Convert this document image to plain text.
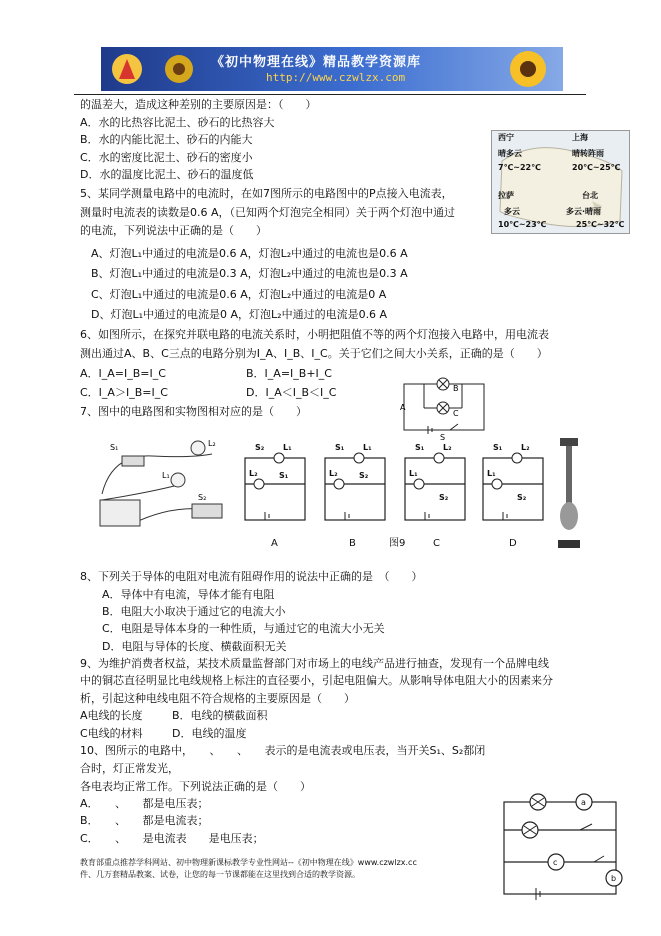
《初中物理在线》精品教学资源库
http://www.czwlzx.com
的温差大，造成这种差别的主要原因是：（　　）
A．水的比热容比泥土、砂石的比热容大
B．水的内能比泥土、砂石的内能大
C．水的密度比泥土、砂石的密度小
D．水的温度比泥土、砂石的温度低
西宁
晴多云
7℃~22℃
上海
晴转阵雨
20℃~25℃
拉萨
多云
10℃~23℃
台北
多云·晴雨
25℃~32℃
5、某同学测量电路中的电流时，在如7图所示的电路图中的P点接入电流表，
测量时电流表的读数是0.6 A，（已知两个灯泡完全相同）关于两个灯泡中通过
的电流，下列说法中正确的是（　　）
A、灯泡L₁中通过的电流是0.6 A，灯泡L₂中通过的电流也是0.6 A
B、灯泡L₁中通过的电流是0.3 A，灯泡L₂中通过的电流也是0.3 A
C、灯泡L₁中通过的电流是0.6 A，灯泡L₂中通过的电流是0 A
D、灯泡L₁中通过的电流是0 A，灯泡L₂中通过的电流是0.6 A
6、如图所示，在探究并联电路的电流关系时，小明把阻值不等的两个灯泡接入电路中，用电流表
测出通过A、B、C三点的电路分别为I_A、I_B、I_C。关于它们之间大小关系，正确的是（　　）
A．I_A=I_B=I_C	B．I_A=I_B+I_C
C．I_A＞I_B=I_C	D．I_A＜I_B＜I_C
A
B
C
S
7、图中的电路图和实物图相对应的是（　　）
S₁	L₂
L₁
S₂
S₂ L₁
L₂	S₁
S₁ L₁
L₂	S₂
S₁ L₂
L₁
S₂
S₁ L₂
L₁
S₂
A	B	图9	C	D
8、下列关于导体的电阻对电流有阻碍作用的说法中正确的是　（　　）
A．导体中有电流，导体才能有电阻
B．电阻大小取决于通过它的电流大小
C．电阻是导体本身的一种性质，与通过它的电流大小无关
D．电阻与导体的长度、横截面积无关
9、为维护消费者权益，某技术质量监督部门对市场上的电线产品进行抽查，发现有一个品牌电线
中的铜芯直径明显比电线规格上标注的直径要小，引起电阻偏大。从影响导体电阻大小的因素来分
析，引起这种电线电阻不符合规格的主要原因是（　　）
A电线的长度	B．电线的横截面积
C电线的材料	D．电线的温度
10、图所示的电路中，　　、　　、　　表示的是电流表或电压表，当开关S₁、S₂都闭
合时，灯正常发光，
各电表均正常工作。下列说法正确的是（　　）
A．　　、　　都是电压表；
B．　　、　　都是电流表；
C．　　、　　是电流表　　是电压表；
a
c
b
教育部重点推荐学科网站、初中物理新课标教学专业性网站--《初中物理在线》www.czwlzx.cc
件、几万套精品教案、试卷，让您的每一节课都能在这里找到合适的教学资源。
